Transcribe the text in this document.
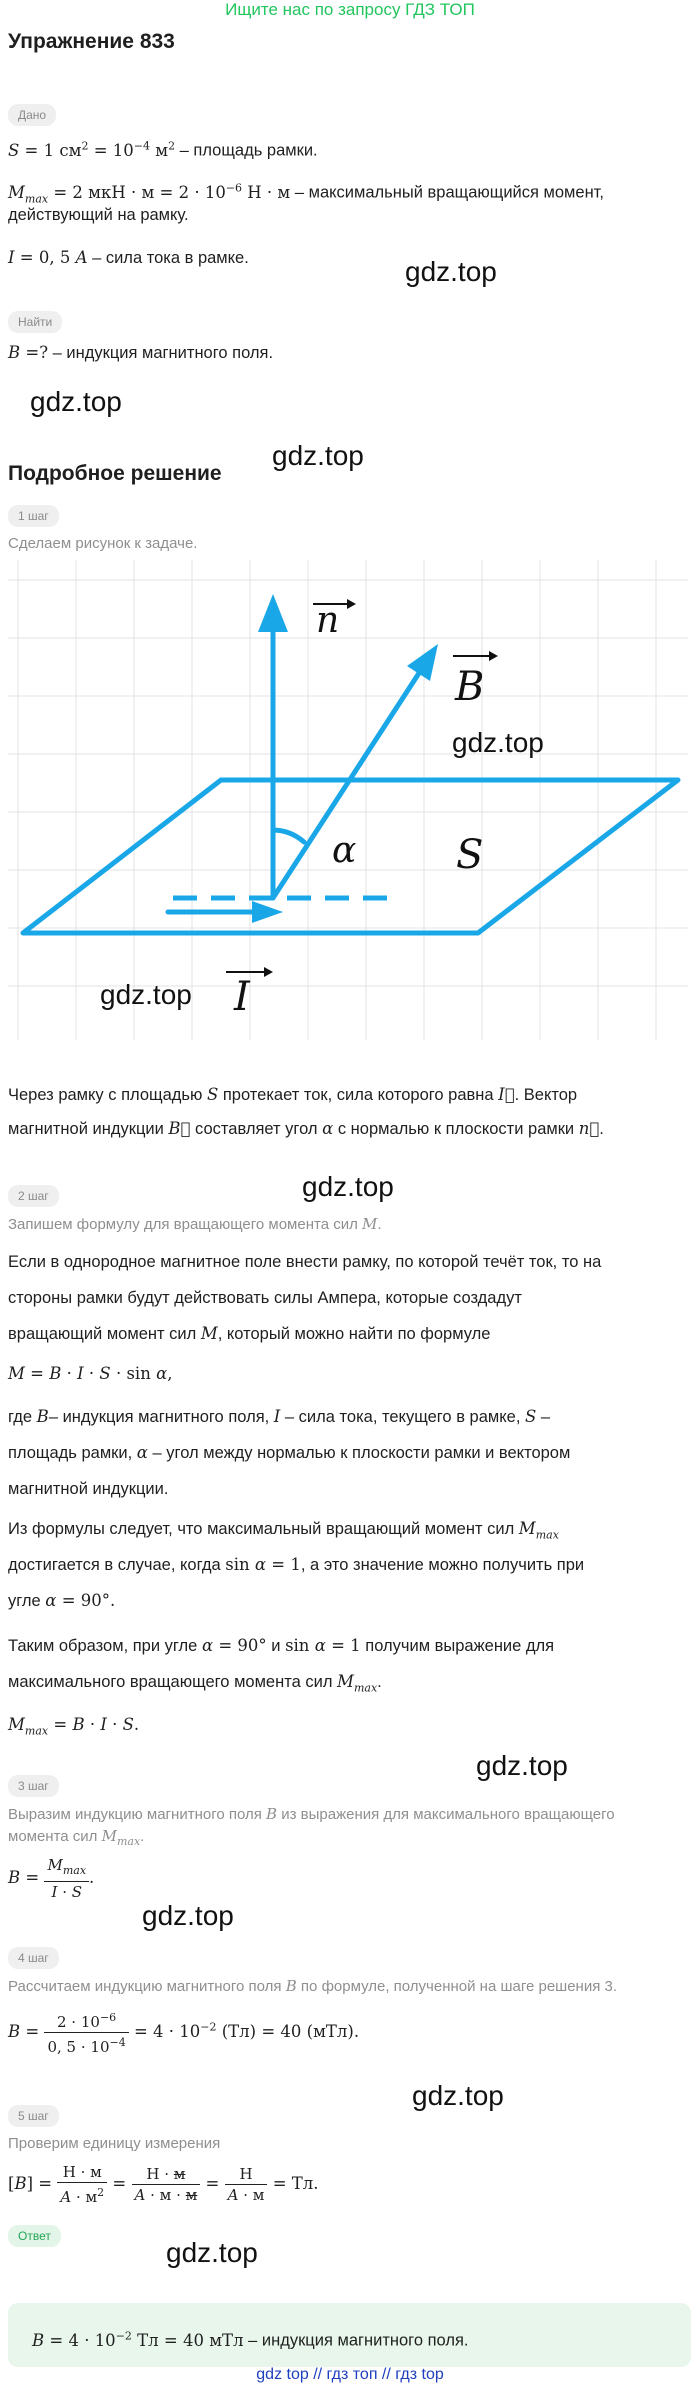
Ищите нас по запросу ГДЗ ТОП
Упражнение 833
Дано
S = 1 $см^2 = 10^{-4}$ $м^2$ – площадь рамки.
$M_{max} = 2$ мкН · $м = 2 \cdot 10^{-6}$ Н · м – максимальный вращающийся момент,
действующий на рамку.
I = 0, 5 A – сила тока в рамке.	gdz.top
Найти
B =? – индукция магнитного поля.
gdz.top
Подробное решение
gdz.top
1 шаг
Сделаем рисунок к задаче.
n
B
α S
I
gdz.top
gdz.top
Через рамку с площадью S протекает ток, сила которого равна I⃗. Вектор
магнитной индукции B⃗ составляет угол α с нормалью к плоскости рамки n⃗.
gdz.top
2 шаг
Запишем формулу для вращающего момента сил M.
Если в однородное магнитное поле внести рамку, по которой течёт ток, то на
стороны рамки будут действовать силы Ампера, которые создадут
вращающий момент сил M, который можно найти по формуле
M = B · I · S · sin α,
где B– индукция магнитного поля, I – сила тока, текущего в рамке, S –
площадь рамки, α – угол между нормалью к плоскости рамки и вектором
магнитной индукции.
Из формулы следует, что максимальный вращающий момент сил $M_{max}$
достигается в случае, когда sin α = 1, а это значение можно получить при
угле α = 90°.
Таким образом, при угле α = 90° и sin α = 1 получим выражение для
максимального вращающего момента сил $M_{max}$.
$M_{max} = B \cdot I \cdot S$.
gdz.top
3 шаг
Выразим индукцию магнитного поля B из выражения для максимального вращающего
момента сил $M_{max}$.
$B = \frac{M_{max}}{I \cdot S}$ .
gdz.top
4 шаг
Рассчитаем индукцию магнитного поля B по формуле, полученной на шаге решения 3.
$B = \frac{2 \cdot 10^{-6}}{0, 5 \cdot 10^{-4}} = 4 \cdot 10^{-2}$ (Тл) = 40 (мТл).
gdz.top
5 шаг
Проверим единицу измерения
$[B] = \frac{Н \cdot м}{A \cdot м^2} = \frac{Н \cdot м}{A \cdot м \cdot м} = \frac{Н}{A \cdot м}$ = Тл.
Ответ
gdz.top
$B = 4 \cdot 10^{-2}$ Тл = 40 мТл – индукция магнитного поля.
gdz top // гдз топ // гдз top
